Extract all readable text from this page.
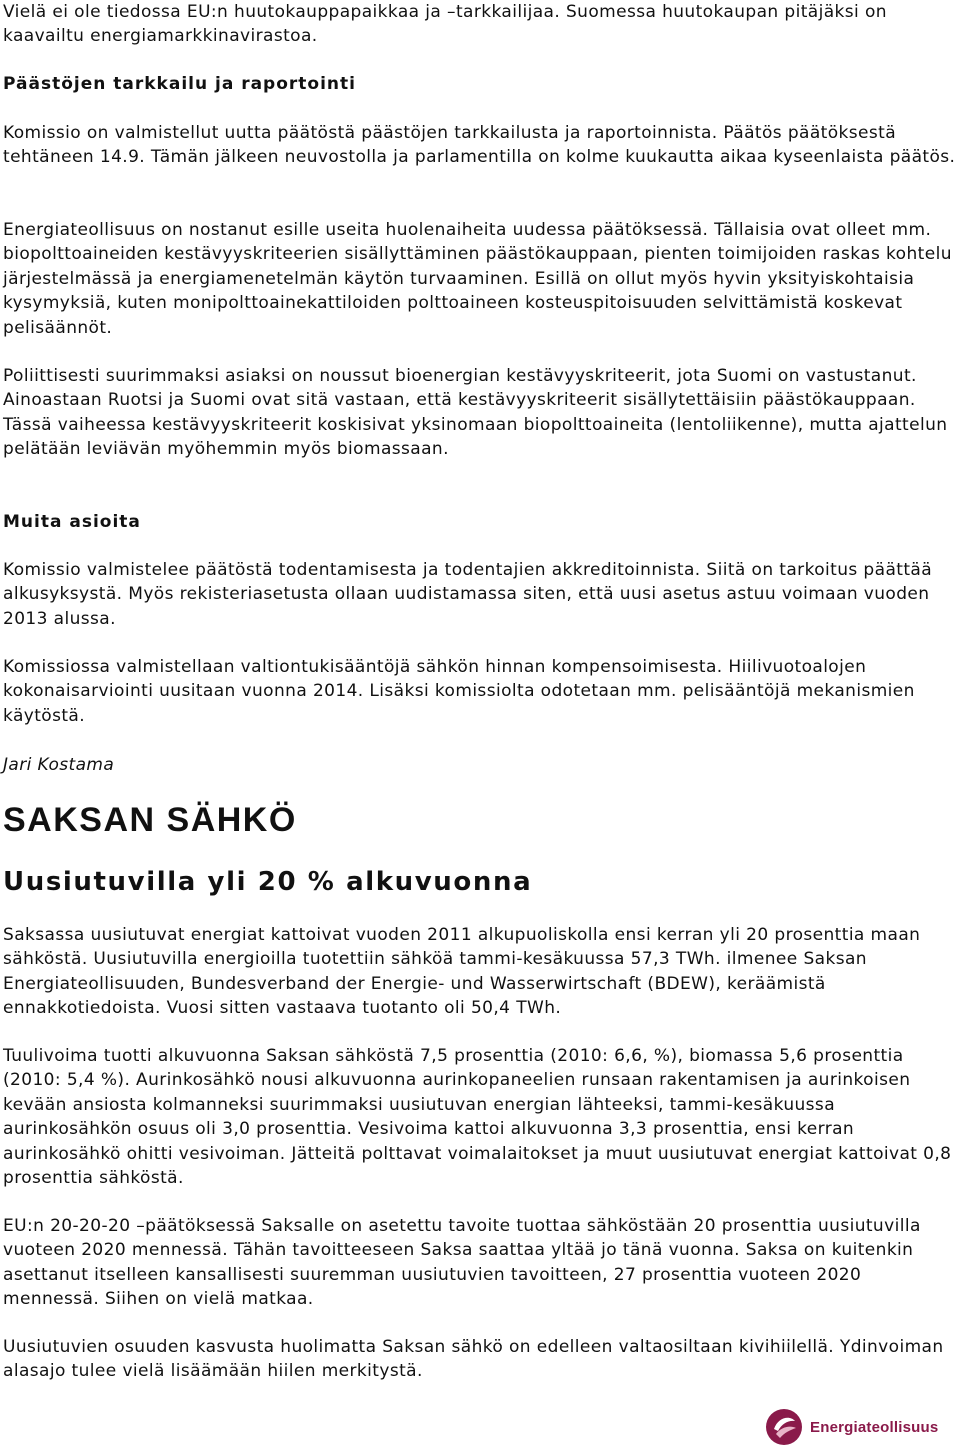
Vielä ei ole tiedossa EU:n huutokauppapaikkaa ja –tarkkailijaa. Suomessa huutokaupan pitäjäksi on kaavailtu energiamarkkinavirastoa.

Päästöjen tarkkailu ja raportointi

Komissio on valmistellut uutta päätöstä päästöjen tarkkailusta ja raportoinnista. Päätös päätöksestä tehtäneen 14.9. Tämän jälkeen neuvostolla ja parlamentilla on kolme kuukautta aikaa kyseenlaista päätös.

Energiateollisuus on nostanut esille useita huolenaiheita uudessa päätöksessä. Tällaisia ovat olleet mm. biopolttoaineiden kestävyyskriteerien sisällyttäminen päästökauppaan, pienten toimijoiden raskas kohtelu järjestelmässä ja energiamenetelmän käytön turvaaminen. Esillä on ollut myös hyvin yksityiskohtaisia kysymyksiä, kuten monipolttoainekattiloiden polttoaineen kosteuspitoisuuden selvittämistä koskevat pelisäännöt.

Poliittisesti suurimmaksi asiaksi on noussut bioenergian kestävyyskriteerit, jota Suomi on vastustanut. Ainoastaan Ruotsi ja Suomi ovat sitä vastaan, että kestävyyskriteerit sisällytettäisiin päästökauppaan. Tässä vaiheessa kestävyyskriteerit koskisivat yksinomaan biopolttoaineita (lentoliikenne), mutta ajattelun pelätään leviävän myöhemmin myös biomassaan.

Muita asioita

Komissio valmistelee päätöstä todentamisesta ja todentajien akkreditoinnista. Siitä on tarkoitus päättää alkusyksystä. Myös rekisteriasetusta ollaan uudistamassa siten, että uusi asetus astuu voimaan vuoden 2013 alussa.

Komissiossa valmistellaan valtiontukisääntöjä sähkön hinnan kompensoimisesta. Hiilivuotoalojen kokonaisarviointi uusitaan vuonna 2014. Lisäksi komissiolta odotetaan mm. pelisääntöjä mekanismien käytöstä.

Jari Kostama

SAKSAN SÄHKÖ

Uusiutuvilla yli 20 % alkuvuonna

Saksassa uusiutuvat energiat kattoivat vuoden 2011 alkupuoliskolla ensi kerran yli 20 prosenttia maan sähköstä. Uusiutuvilla energioilla tuotettiin sähköä tammi-kesäkuussa 57,3 TWh. ilmenee Saksan Energiateollisuuden, Bundesverband der Energie- und Wasserwirtschaft (BDEW), keräämistä ennakkotiedoista. Vuosi sitten vastaava tuotanto oli 50,4 TWh.

Tuulivoima tuotti alkuvuonna Saksan sähköstä 7,5 prosenttia (2010: 6,6, %), biomassa 5,6 prosenttia (2010: 5,4 %). Aurinkosähkö nousi alkuvuonna aurinkopaneelien runsaan rakentamisen ja aurinkoisen kevään ansiosta kolmanneksi suurimmaksi uusiutuvan energian lähteeksi, tammi-kesäkuussa aurinkosähkön osuus oli 3,0 prosenttia. Vesivoima kattoi alkuvuonna 3,3 prosenttia, ensi kerran aurinkosähkö ohitti vesivoiman. Jätteitä polttavat voimalaitokset ja muut uusiutuvat energiat kattoivat 0,8 prosenttia sähköstä.

EU:n 20-20-20 –päätöksessä Saksalle on asetettu tavoite tuottaa sähköstään 20 prosenttia uusiutuvilla vuoteen 2020 mennessä. Tähän tavoitteeseen Saksa saattaa yltää jo tänä vuonna. Saksa on kuitenkin asettanut itselleen kansallisesti suuremman uusiutuvien tavoitteen, 27 prosenttia vuoteen 2020 mennessä. Siihen on vielä matkaa.

Uusiutuvien osuuden kasvusta huolimatta Saksan sähkö on edelleen valtaosiltaan kivihiilellä. Ydinvoiman alasajo tulee vielä lisäämään hiilen merkitystä.

Energiateollisuus
